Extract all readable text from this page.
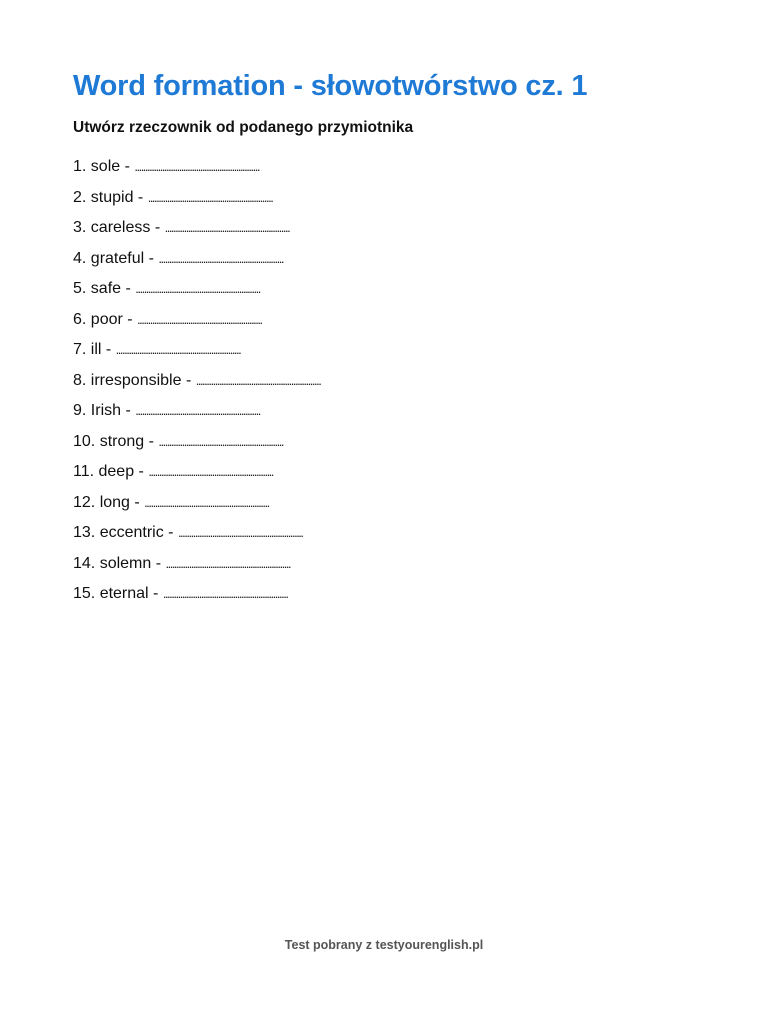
Word formation - słowotwórstwo cz. 1

Utwórz rzeczownik od podanego przymiotnika

1. sole - ...........................................................
2. stupid - ...........................................................
3. careless - ...........................................................
4. grateful - ...........................................................
5. safe - ...........................................................
6. poor - ...........................................................
7. ill - ...........................................................
8. irresponsible - ...........................................................
9. Irish - ...........................................................
10. strong - ...........................................................
11. deep - ...........................................................
12. long - ...........................................................
13. eccentric - ...........................................................
14. solemn - ...........................................................
15. eternal - ...........................................................
Test pobrany z testyourenglish.pl
